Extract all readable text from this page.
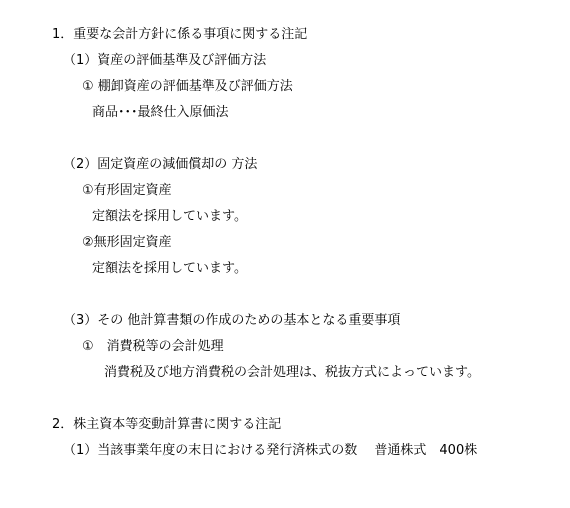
1．重要な会計方針に係る事項に関する注記
（1）資産の評価基準及び評価方法
① 棚卸資産の評価基準及び評価方法
商品･･･最終仕入原価法
（2）固定資産の減価償却の 方法
①有形固定資産
定額法を採用しています。
②無形固定資産
定額法を採用しています。
（3）その 他計算書類の作成のための基本となる重要事項
①　消費税等の会計処理
消費税及び地方消費税の会計処理は、税抜方式によっています。
2．株主資本等変動計算書に関する注記
（1）当該事業年度の末日における発行済株式の数　 普通株式　400株
